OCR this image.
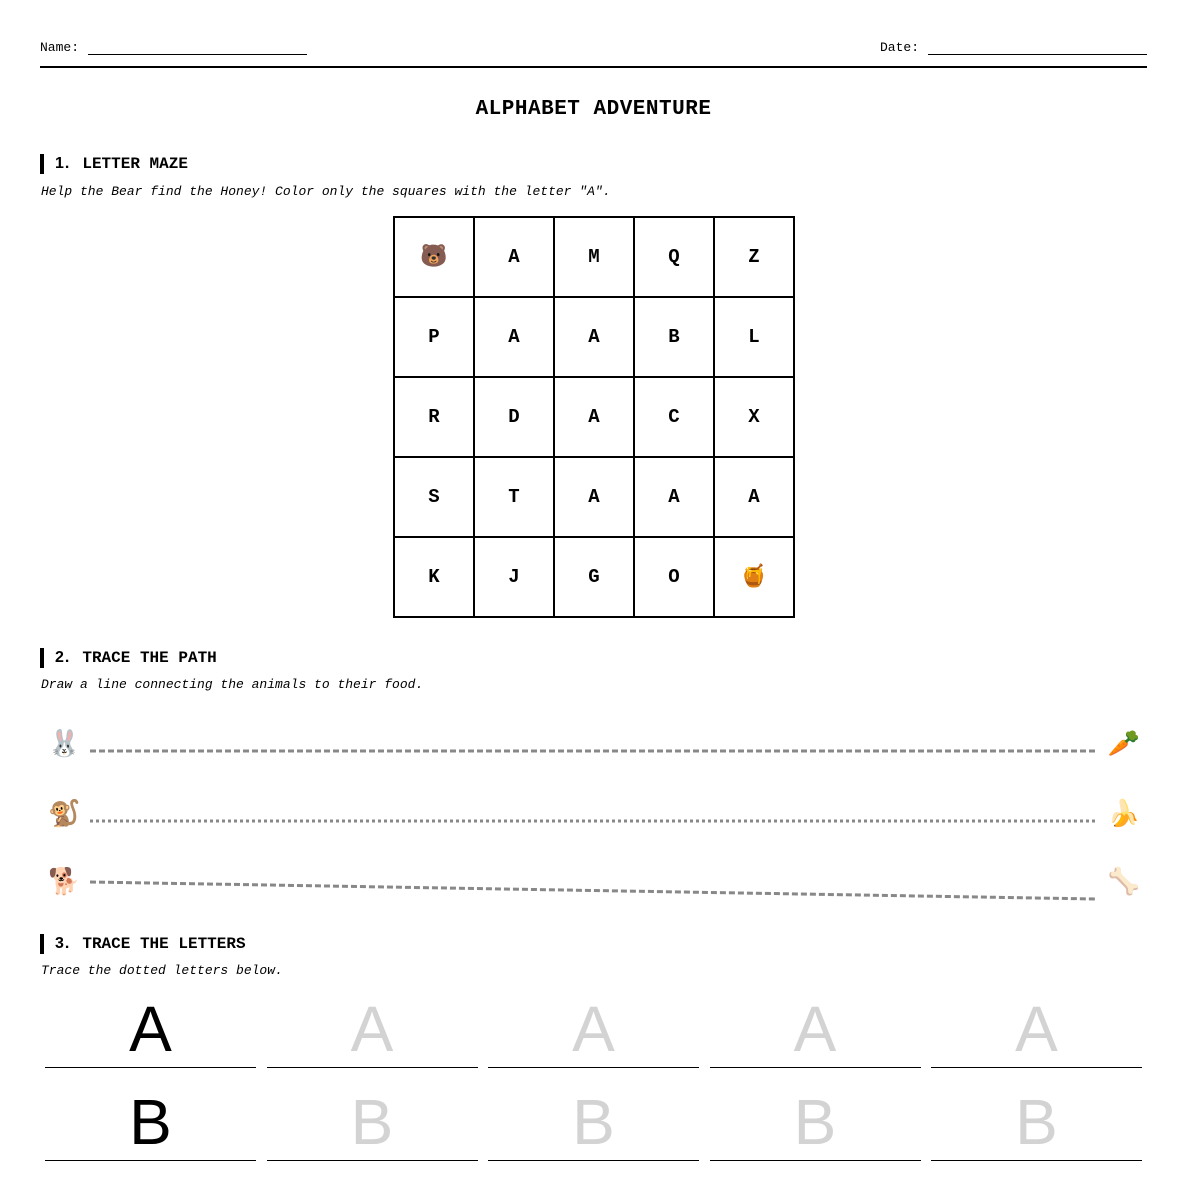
Name:	Date:
ALPHABET ADVENTURE
1. LETTER MAZE
Help the Bear find the Honey! Color only the squares with the letter "A".
🐻	A	M	Q	Z
P	A	A	B	L
R	D	A	C	X
S	T	A	A	A
K	J	G	O	🍯
2. TRACE THE PATH
Draw a line connecting the animals to their food.
🐰	🥕
🐒	🍌
🐕	🦴
3. TRACE THE LETTERS
Trace the dotted letters below.
A	A	A	A	A
B	B	B	B	B
